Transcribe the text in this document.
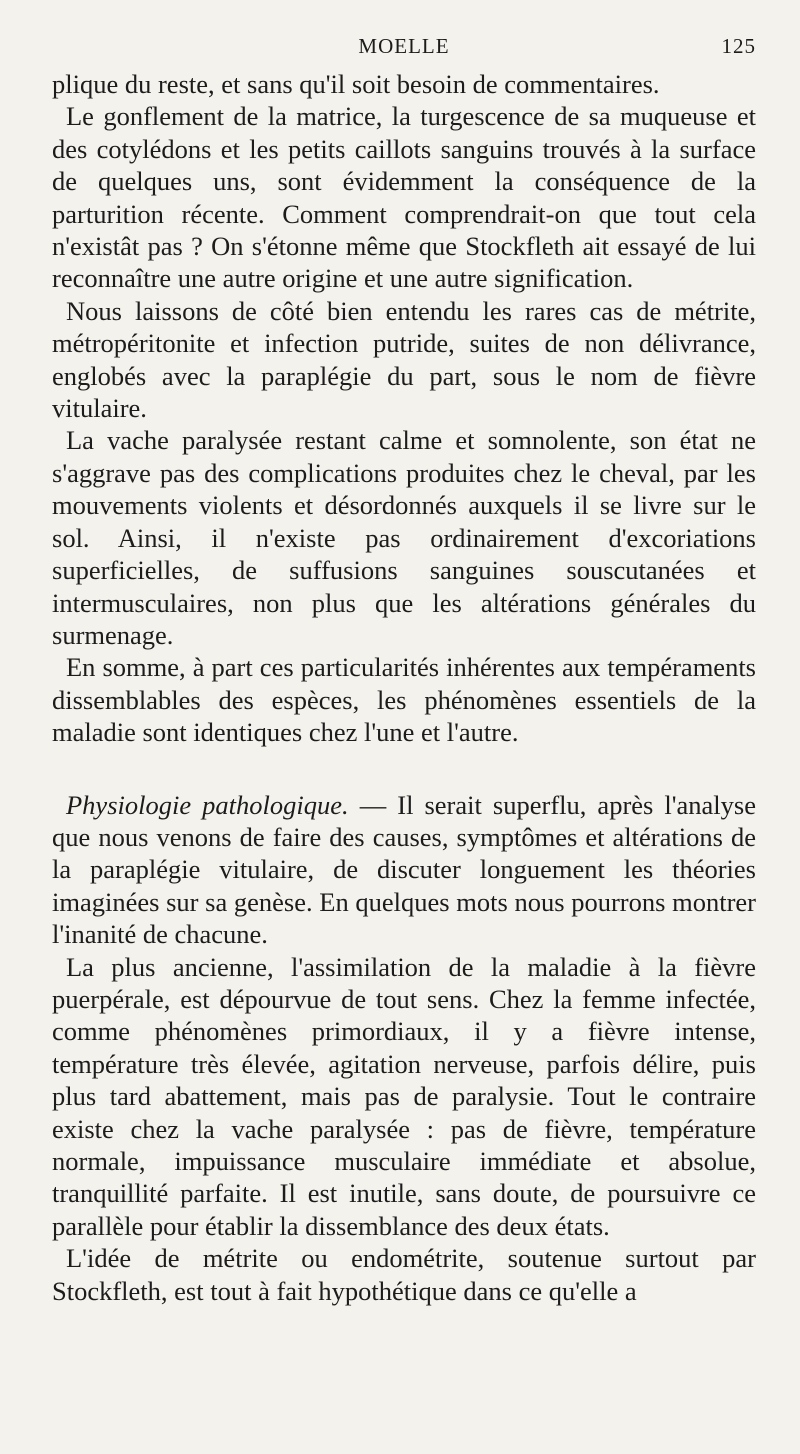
MOELLE	125

plique du reste, et sans qu'il soit besoin de commentaires.

Le gonflement de la matrice, la turgescence de sa muqueuse et des cotylédons et les petits caillots sanguins trouvés à la surface de quelques uns, sont évidemment la conséquence de la parturition récente. Comment comprendrait-on que tout cela n'existât pas ? On s'étonne même que Stockfleth ait essayé de lui reconnaître une autre origine et une autre signification.

Nous laissons de côté bien entendu les rares cas de métrite, métropéritonite et infection putride, suites de non délivrance, englobés avec la paraplégie du part, sous le nom de fièvre vitulaire.

La vache paralysée restant calme et somnolente, son état ne s'aggrave pas des complications produites chez le cheval, par les mouvements violents et désordonnés auxquels il se livre sur le sol. Ainsi, il n'existe pas ordinairement d'excoriations superficielles, de suffusions sanguines souscutanées et intermusculaires, non plus que les altérations générales du surmenage.

En somme, à part ces particularités inhérentes aux tempéraments dissemblables des espèces, les phénomènes essentiels de la maladie sont identiques chez l'une et l'autre.

Physiologie pathologique. — Il serait superflu, après l'analyse que nous venons de faire des causes, symptômes et altérations de la paraplégie vitulaire, de discuter longuement les théories imaginées sur sa genèse. En quelques mots nous pourrons montrer l'inanité de chacune.

La plus ancienne, l'assimilation de la maladie à la fièvre puerpérale, est dépourvue de tout sens. Chez la femme infectée, comme phénomènes primordiaux, il y a fièvre intense, température très élevée, agitation nerveuse, parfois délire, puis plus tard abattement, mais pas de paralysie. Tout le contraire existe chez la vache paralysée : pas de fièvre, température normale, impuissance musculaire immédiate et absolue, tranquillité parfaite. Il est inutile, sans doute, de poursuivre ce parallèle pour établir la dissemblance des deux états.

L'idée de métrite ou endométrite, soutenue surtout par Stockfleth, est tout à fait hypothétique dans ce qu'elle a
